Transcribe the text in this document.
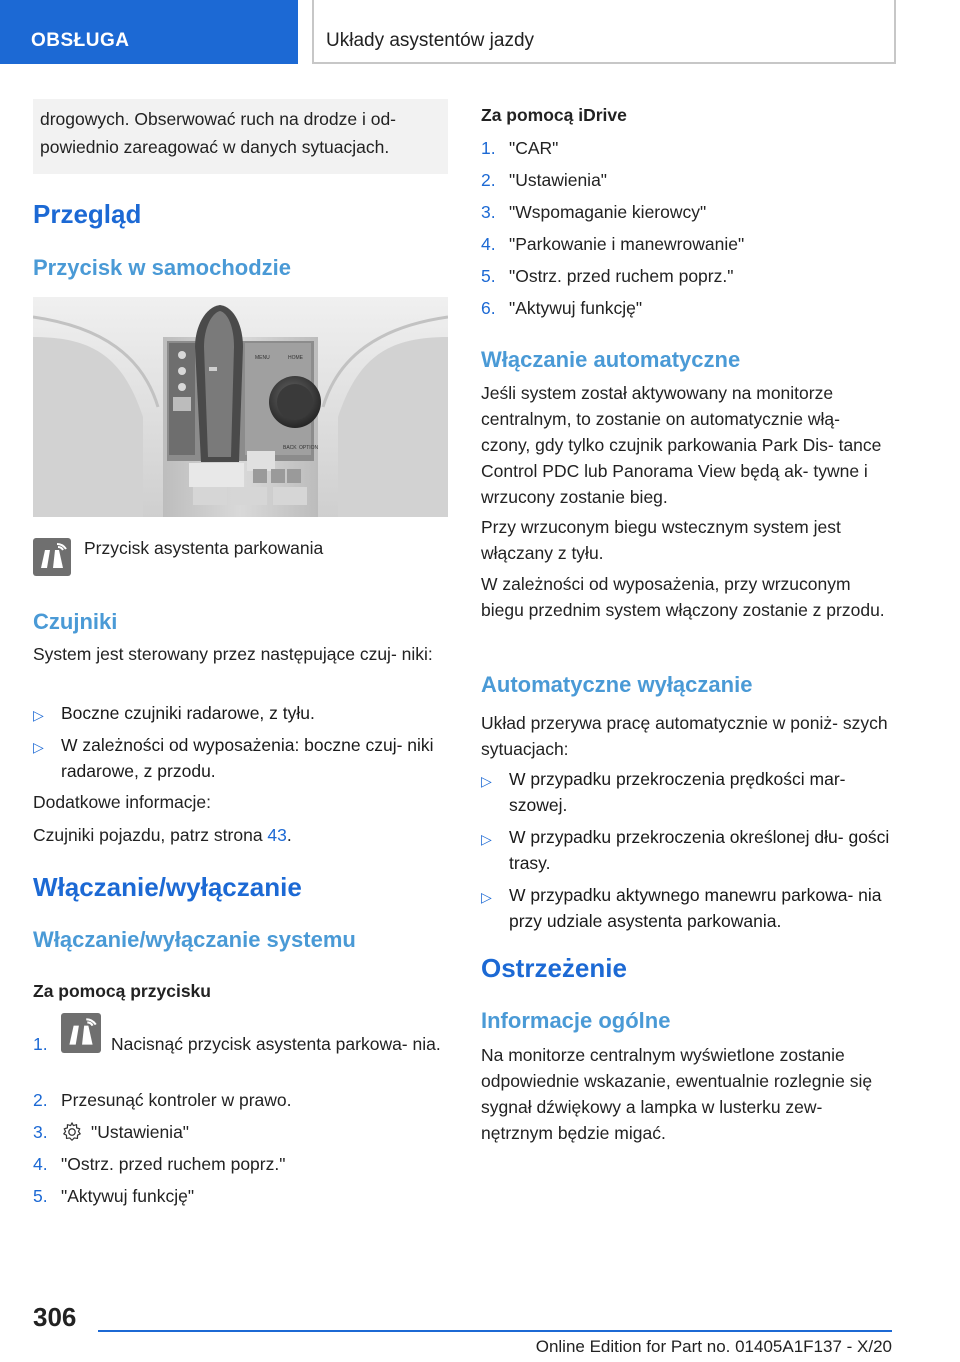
OBSŁUGA	Układy asystentów jazdy

drogowych. Obserwować ruch na drodze i od- powiednio zareagować w danych sytuacjach.

Przegląd
Przycisk w samochodzie
MENU	HOME
BACK OPTION
Przycisk asystenta parkowania
Czujniki
System jest sterowany przez następujące czuj- niki:
▷ Boczne czujniki radarowe, z tyłu.
▷ W zależności od wyposażenia: boczne czuj- niki radarowe, z przodu.
Dodatkowe informacje:
Czujniki pojazdu, patrz strona 43.
Włączanie/wyłączanie
Włączanie/wyłączanie systemu
Za pomocą przycisku
1.	Nacisnąć przycisk asystenta parkowa- nia.
2. Przesunąć kontroler w prawo.
3. "Ustawienia"
4. "Ostrz. przed ruchem poprz."
5. "Aktywuj funkcję"
Za pomocą iDrive
1. "CAR"
2. "Ustawienia"
3. "Wspomaganie kierowcy"
4. "Parkowanie i manewrowanie"
5. "Ostrz. przed ruchem poprz."
6. "Aktywuj funkcję"
Włączanie automatyczne
Jeśli system został aktywowany na monitorze centralnym, to zostanie on automatycznie włą- czony, gdy tylko czujnik parkowania Park Dis- tance Control PDC lub Panorama View będą ak- tywne i wrzucony zostanie bieg.
Przy wrzuconym biegu wstecznym system jest włączany z tyłu.
W zależności od wyposażenia, przy wrzuconym biegu przednim system włączony zostanie z przodu.
Automatyczne wyłączanie
Układ przerywa pracę automatycznie w poniż- szych sytuacjach:
▷ W przypadku przekroczenia prędkości mar- szowej.
▷ W przypadku przekroczenia określonej dłu- gości trasy.
▷ W przypadku aktywnego manewru parkowa- nia przy udziale asystenta parkowania.
Ostrzeżenie
Informacje ogólne
Na monitorze centralnym wyświetlone zostanie odpowiednie wskazanie, ewentualnie rozlegnie się sygnał dźwiękowy a lampka w lusterku zew- nętrznym będzie migać.
306
Online Edition for Part no. 01405A1F137 - X/20
